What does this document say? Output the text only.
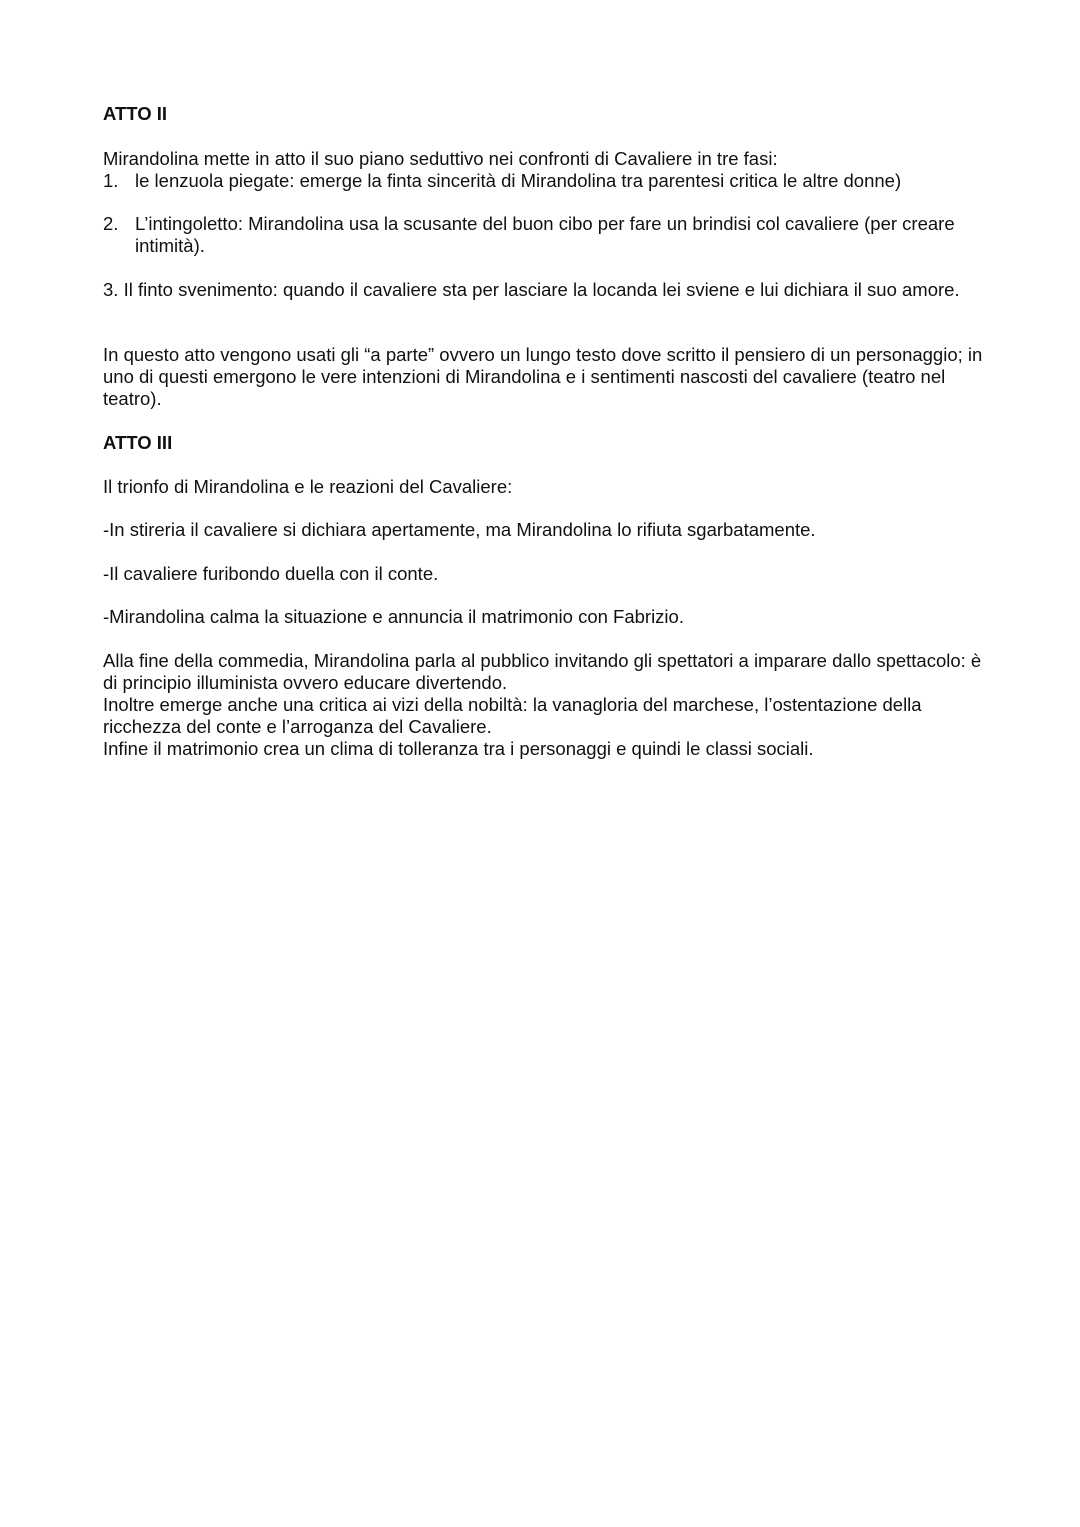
ATTO II
Mirandolina mette in atto il suo piano seduttivo nei confronti di Cavaliere in tre fasi:
1. le lenzuola piegate: emerge la finta sincerità di Mirandolina tra parentesi critica le altre donne)
2. L’intingoletto: Mirandolina usa la scusante del buon cibo per fare un brindisi col cavaliere (per creare intimità).
3. Il finto svenimento: quando il cavaliere sta per lasciare la locanda lei sviene e lui dichiara il suo amore.
In questo atto vengono usati gli “a parte” ovvero un lungo testo dove scritto il pensiero di un personaggio; in uno di questi emergono le vere intenzioni di Mirandolina e i sentimenti nascosti del cavaliere (teatro nel teatro).
ATTO III
Il trionfo di Mirandolina e le reazioni del Cavaliere:
-In stireria il cavaliere si dichiara apertamente, ma Mirandolina lo rifiuta sgarbatamente.
-Il cavaliere furibondo duella con il conte.
-Mirandolina calma la situazione e annuncia il matrimonio con Fabrizio.

Alla fine della commedia, Mirandolina parla al pubblico invitando gli spettatori a imparare dallo spettacolo: è di principio illuminista ovvero educare divertendo.

Inoltre emerge anche una critica ai vizi della nobiltà: la vanagloria del marchese, l’ostentazione della ricchezza del conte e l’arroganza del Cavaliere.

Infine il matrimonio crea un clima di tolleranza tra i personaggi e quindi le classi sociali.
